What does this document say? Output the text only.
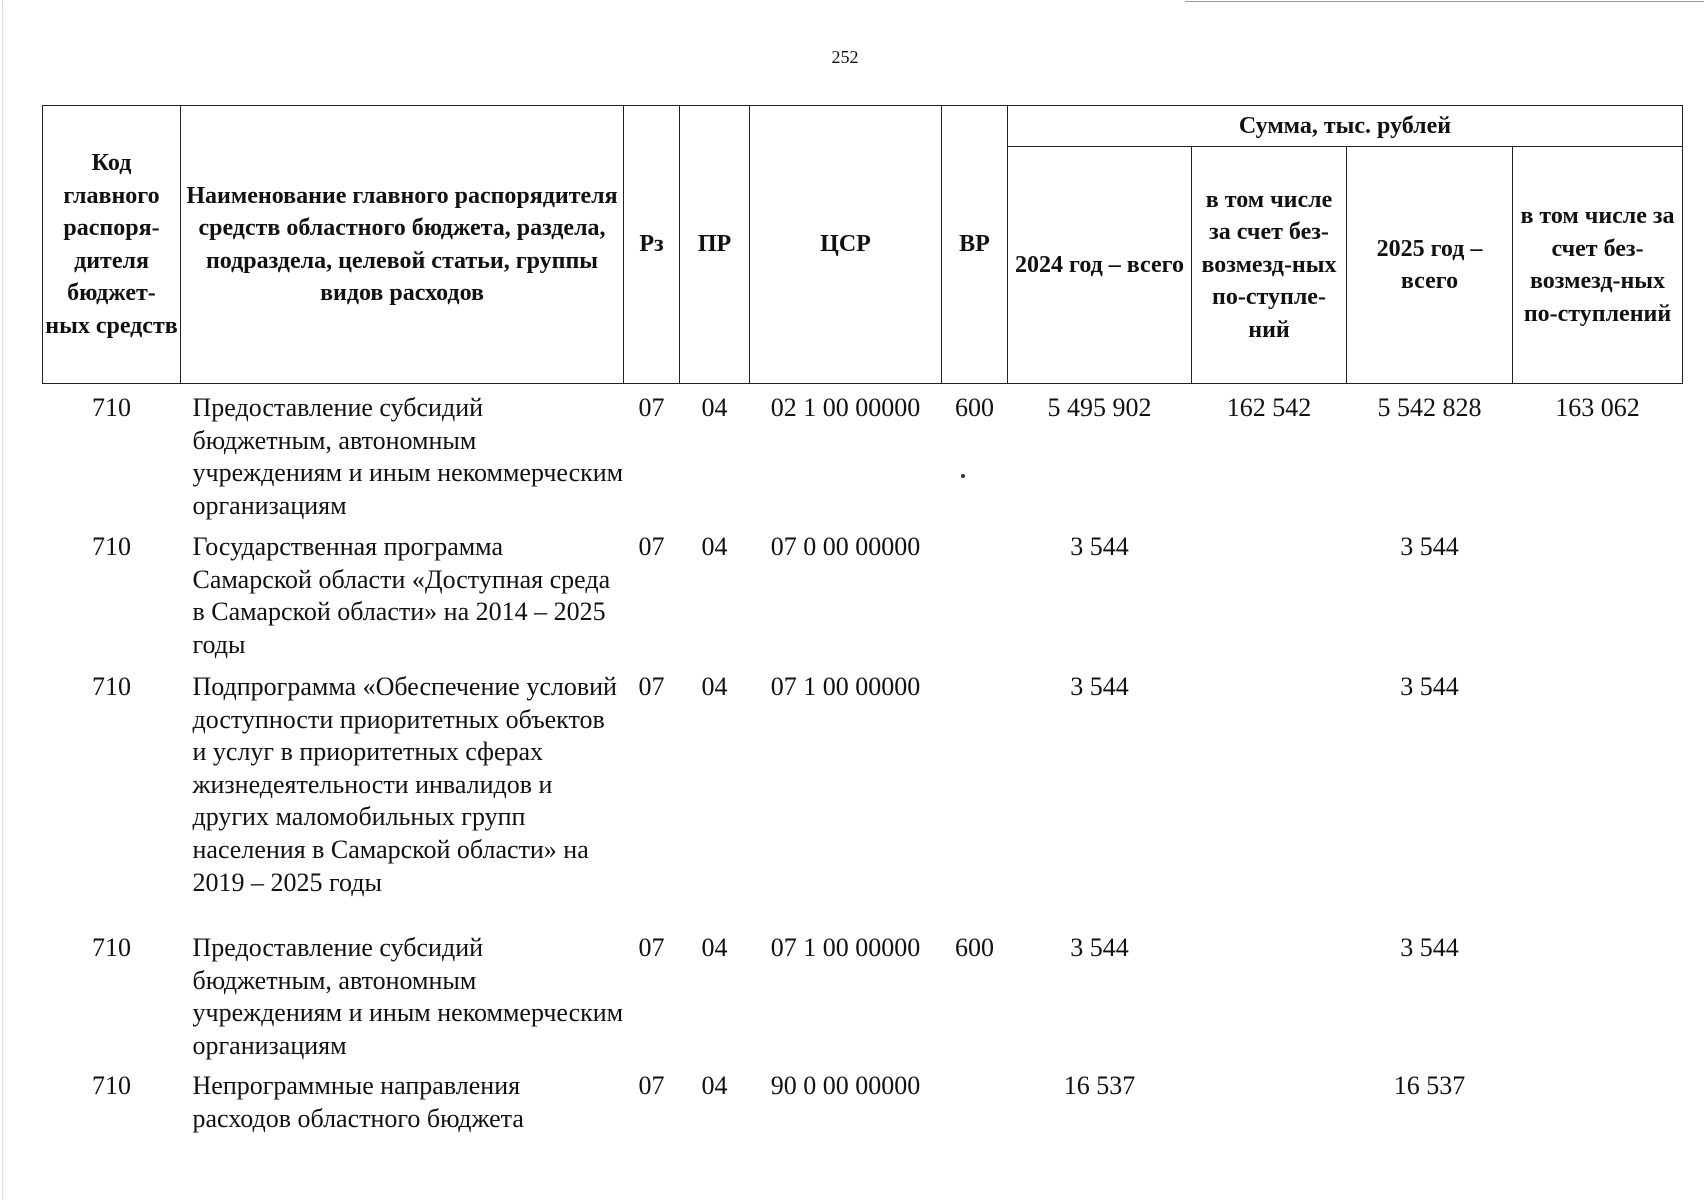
252
Код главного распоря-дителя бюджет-ных средств	Наименование главного распорядителя средств областного бюджета, раздела, подраздела, целевой статьи, группы видов расходов	Рз	ПР	ЦСР	ВР	Сумма, тыс. рублей			
						2024 год – всего	в том числе за счет без-возмезд-ных по-ступле-ний	2025 год – всего	в том числе за счет без-возмезд-ных по-ступлений
710	Предоставление субсидий бюджетным, автономным учреждениям и иным некоммерческим организациям	07	04	02 1 00 00000	600	5 495 902	162 542	5 542 828	163 062
710	Государственная программа Самарской области «Доступная среда в Самарской области» на 2014 – 2025 годы	07	04	07 0 00 00000		3 544		3 544	
710	Подпрограмма «Обеспечение условий доступности приоритетных объектов и услуг в приоритетных сферах жизнедеятельности инвалидов и других маломобильных групп населения в Самарской области» на 2019 – 2025 годы	07	04	07 1 00 00000		3 544		3 544	
710	Предоставление субсидий бюджетным, автономным учреждениям и иным некоммерческим организациям	07	04	07 1 00 00000	600	3 544		3 544	
710	Непрограммные направления расходов областного бюджета	07	04	90 0 00 00000		16 537		16 537	
